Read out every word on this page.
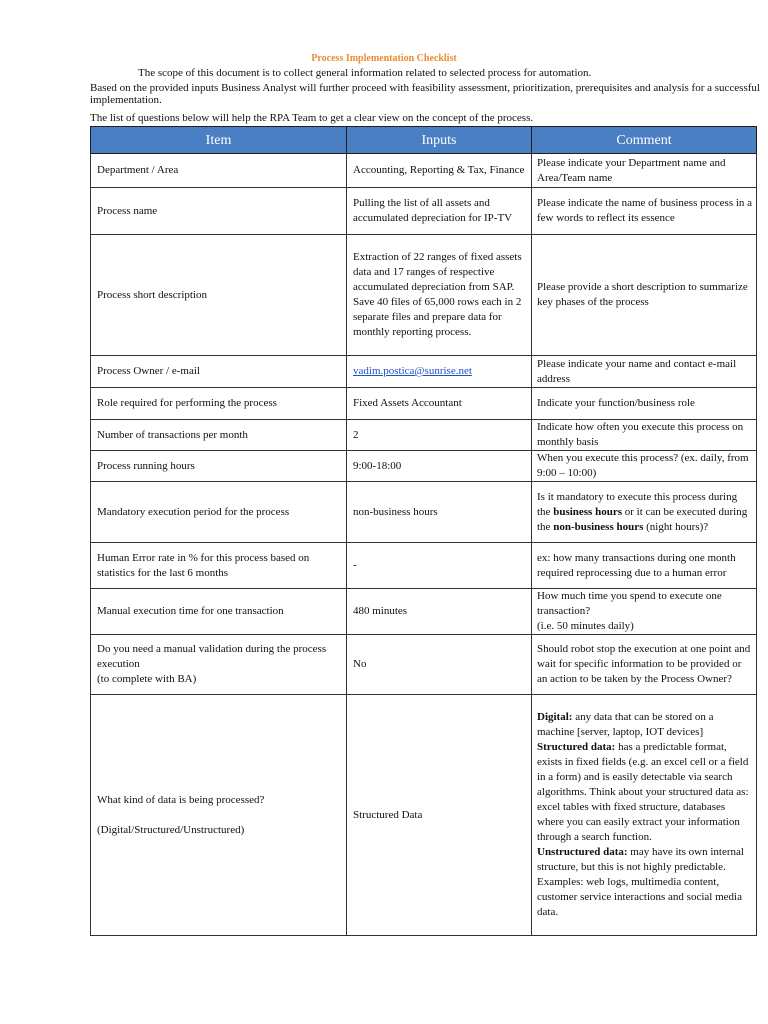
Process Implementation Checklist

The scope of this document is to collect general information related to selected process for automation.

Based on the provided inputs Business Analyst will further proceed with feasibility assessment, prioritization, prerequisites and analysis for a successful implementation.

The list of questions below will help the RPA Team to get a clear view on the concept of the process.

Item	Inputs	Comment
Department / Area	Accounting, Reporting & Tax, Finance	Please indicate your Department name and Area/Team name
Process name	Pulling the list of all assets and accumulated depreciation for IP-TV	Please indicate the name of business process in a few words to reflect its essence
Process short description	Extraction of 22 ranges of fixed assets data and 17 ranges of respective accumulated depreciation from SAP. Save 40 files of 65,000 rows each in 2 separate files and prepare data for monthly reporting process.	Please provide a short description to summarize key phases of the process
Process Owner / e-mail	vadim.postica@sunrise.net	Please indicate your name and contact e-mail address
Role required for performing the process	Fixed Assets Accountant	Indicate your function/business role
Number of transactions per month	2	Indicate how often you execute this process on monthly basis
Process running hours	9:00-18:00	When you execute this process? (ex. daily, from 9:00 – 10:00)
Mandatory execution period for the process	non-business hours	Is it mandatory to execute this process during the business hours or it can be executed during the non-business hours (night hours)?
Human Error rate in % for this process based on statistics for the last 6 months	-	ex: how many transactions during one month required reprocessing due to a human error
Manual execution time for one transaction	480 minutes	How much time you spend to execute one transaction?
(i.e. 50 minutes daily)
Do you need a manual validation during the process execution
(to complete with BA)	No	Should robot stop the execution at one point and wait for specific information to be provided or an action to be taken by the Process Owner?
What kind of data is being processed?
(Digital/Structured/Unstructured)	Structured Data	Digital: any data that can be stored on a machine [server, laptop, IOT devices]
Structured data: has a predictable format, exists in fixed fields (e.g. an excel cell or a field in a form) and is easily detectable via search algorithms. Think about your structured data as: excel tables with fixed structure, databases where you can easily extract your information through a search function.
Unstructured data: may have its own internal structure, but this is not highly predictable. Examples: web logs, multimedia content, customer service interactions and social media data.
